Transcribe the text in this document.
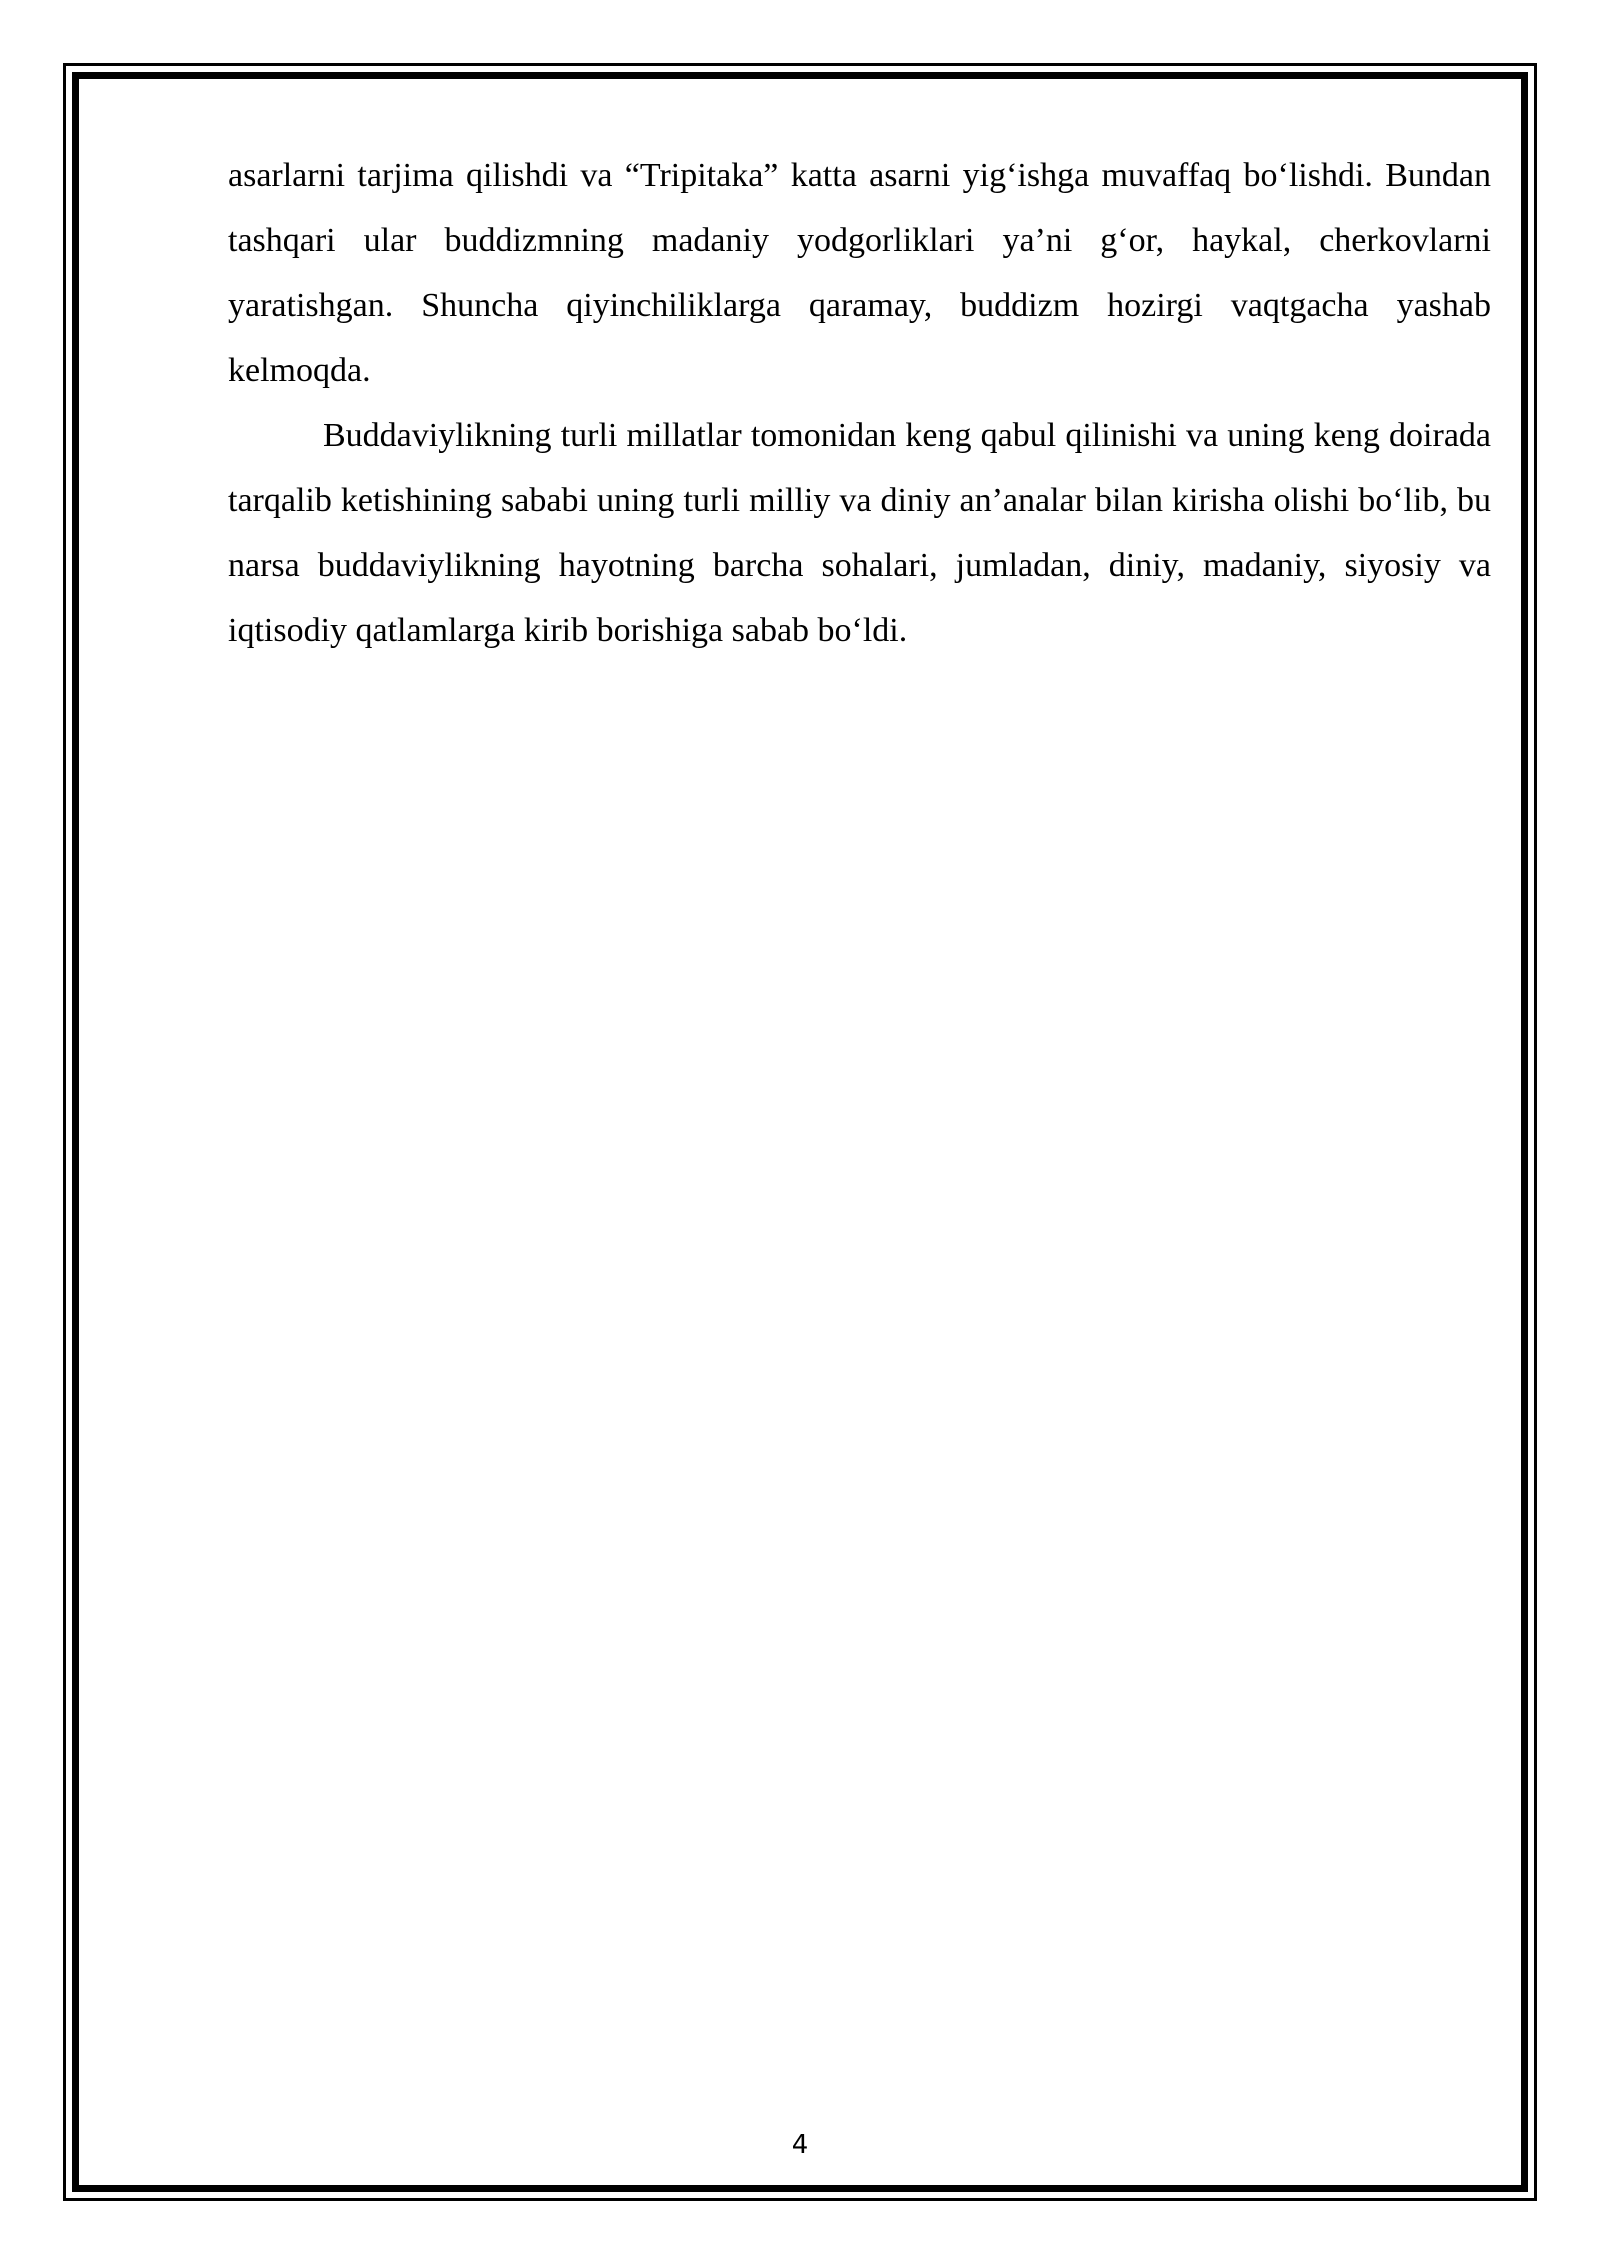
asarlarni tarjima qilishdi va “Tripitaka” katta asarni yig‘ishga muvaffaq bo‘lishdi. Bundan tashqari ular buddizmning madaniy yodgorliklari ya’ni g‘or, haykal, cherkovlarni yaratishgan. Shuncha qiyinchiliklarga qaramay, buddizm hozirgi vaqtgacha yashab kelmoqda.

Buddaviylikning turli millatlar tomonidan keng qabul qilinishi va uning keng doirada tarqalib ketishining sababi uning turli milliy va diniy an’analar bilan kirisha olishi bo‘lib, bu narsa buddaviylikning hayotning barcha sohalari, jumladan, diniy, madaniy, siyosiy va iqtisodiy qatlamlarga kirib borishiga sabab bo‘ldi.

4
